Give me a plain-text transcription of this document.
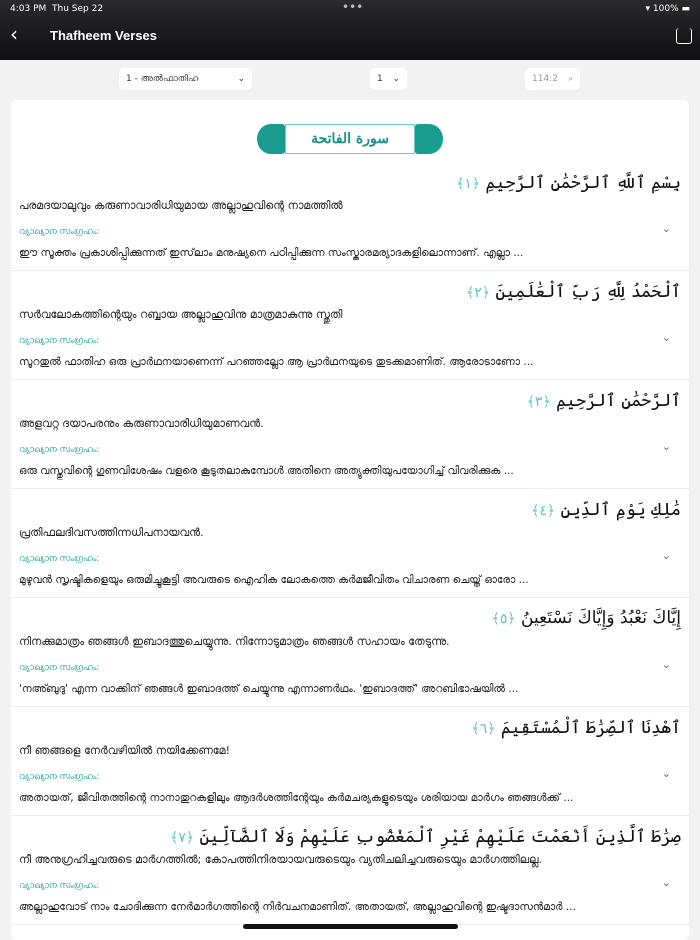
4:03 PM Thu Sep 22	•••	▾ 100% ▬
‹ Thafheem Verses
1 - അൽഫാതിഹ	⌄	1 ⌄	114:2 ⌕
سورة الفاتحة
بِسْمِ ٱللَّهِ ٱلرَّحْمَٰنِ ٱلرَّحِيمِ ﴿١﴾
പരമദയാലുവും കരുണാവാരിധിയുമായ അല്ലാഹുവിന്റെ നാമത്തിൽ
വ്യാഖ്യാന സംഗ്രഹം:	⌄
ഈ സൂക്തം പ്രകാശിപ്പിക്കുന്നത് ഇസ്‌ലാം മനുഷ്യനെ പഠിപ്പിക്കുന്ന സംസ്കാരമര്യാദകളിലൊന്നാണ്. എല്ലാ ...
ٱلْحَمْدُ لِلَّهِ رَبِّ ٱلْعَٰلَمِينَ ﴿٢﴾
സർവലോകത്തിന്റെയും റബ്ബായ അല്ലാഹുവിനു മാത്രമാകുന്നു സ്തുതി
വ്യാഖ്യാന സംഗ്രഹം:	⌄
സൂറതുൽ ഫാതിഹ ഒരു പ്രാർഥനയാണെന്ന് പറഞ്ഞല്ലോ ആ പ്രാർഥനയുടെ തുടക്കമാണിത്. ആരോടാണോ ...
ٱلرَّحْمَٰنِ ٱلرَّحِيمِ ﴿٣﴾
അളവറ്റ ദയാപരനും കരുണാവാരിധിയുമാണവൻ.
വ്യാഖ്യാന സംഗ്രഹം:	⌄
ഒരു വസ്തുവിന്റെ ഗുണവിശേഷം വളരെ കൂടുതലാകുമ്പോൾ അതിനെ അത്യുക്തിയുപയോഗിച്ച് വിവരിക്കുക ...
مَٰلِكِ يَوْمِ ٱلدِّينِ ﴿٤﴾
പ്രതിഫലദിവസത്തിന്നധിപനായവൻ.
വ്യാഖ്യാന സംഗ്രഹം:	⌄
മുഴുവൻ സൃഷ്ടികളെയും ഒരുമിച്ചുകൂട്ടി അവരുടെ ഐഹിക ലോകത്തെ കർമജീവിതം വിചാരണ ചെയ്ത് ഓരോ ...
إِيَّاكَ نَعْبُدُ وَإِيَّاكَ نَسْتَعِينُ ﴿٥﴾
നിനക്കുമാത്രം ഞങ്ങൾ ഇബാദത്തുചെയ്യുന്നു. നിന്നോടുമാത്രം ഞങ്ങൾ സഹായം തേടുന്നു.
വ്യാഖ്യാന സംഗ്രഹം:	⌄
'നഅ്ബുദു' എന്ന വാക്കിന് ഞങ്ങൾ ഇബാദത്ത് ചെയ്യുന്നു എന്നാണർഥം. 'ഇബാദത്ത്' അറബിഭാഷയിൽ ...
ٱهْدِنَا ٱلصِّرَٰطَ ٱلْمُسْتَقِيمَ ﴿٦﴾
നീ ഞങ്ങളെ നേർവഴിയിൽ നയിക്കേണമേ!
വ്യാഖ്യാന സംഗ്രഹം:	⌄
അതായത്, ജീവിതത്തിന്റെ നാനാതുറകളിലും ആദർശത്തിന്റേയും കർമചര്യകളുടെയും ശരിയായ മാർഗം ഞങ്ങൾക്ക് ...
صِرَٰطَ ٱلَّذِينَ أَنْعَمْتَ عَلَيْهِمْ غَيْرِ ٱلْمَغْضُوبِ عَلَيْهِمْ وَلَا ٱلضَّآلِّينَ ﴿٧﴾
നീ അനുഗ്രഹിച്ചവരുടെ മാർഗത്തിൽ; കോപത്തിനിരയായവരുടെയും വ്യതിചലിച്ചവരുടെയും മാർഗത്തിലല്ല.
വ്യാഖ്യാന സംഗ്രഹം:	⌄
അല്ലാഹുവോട് നാം ചോദിക്കുന്ന നേർമാർഗത്തിന്റെ നിർവചനമാണിത്. അതായത്, അല്ലാഹുവിന്റെ ഇഷ്ടദാസൻമാർ ...
